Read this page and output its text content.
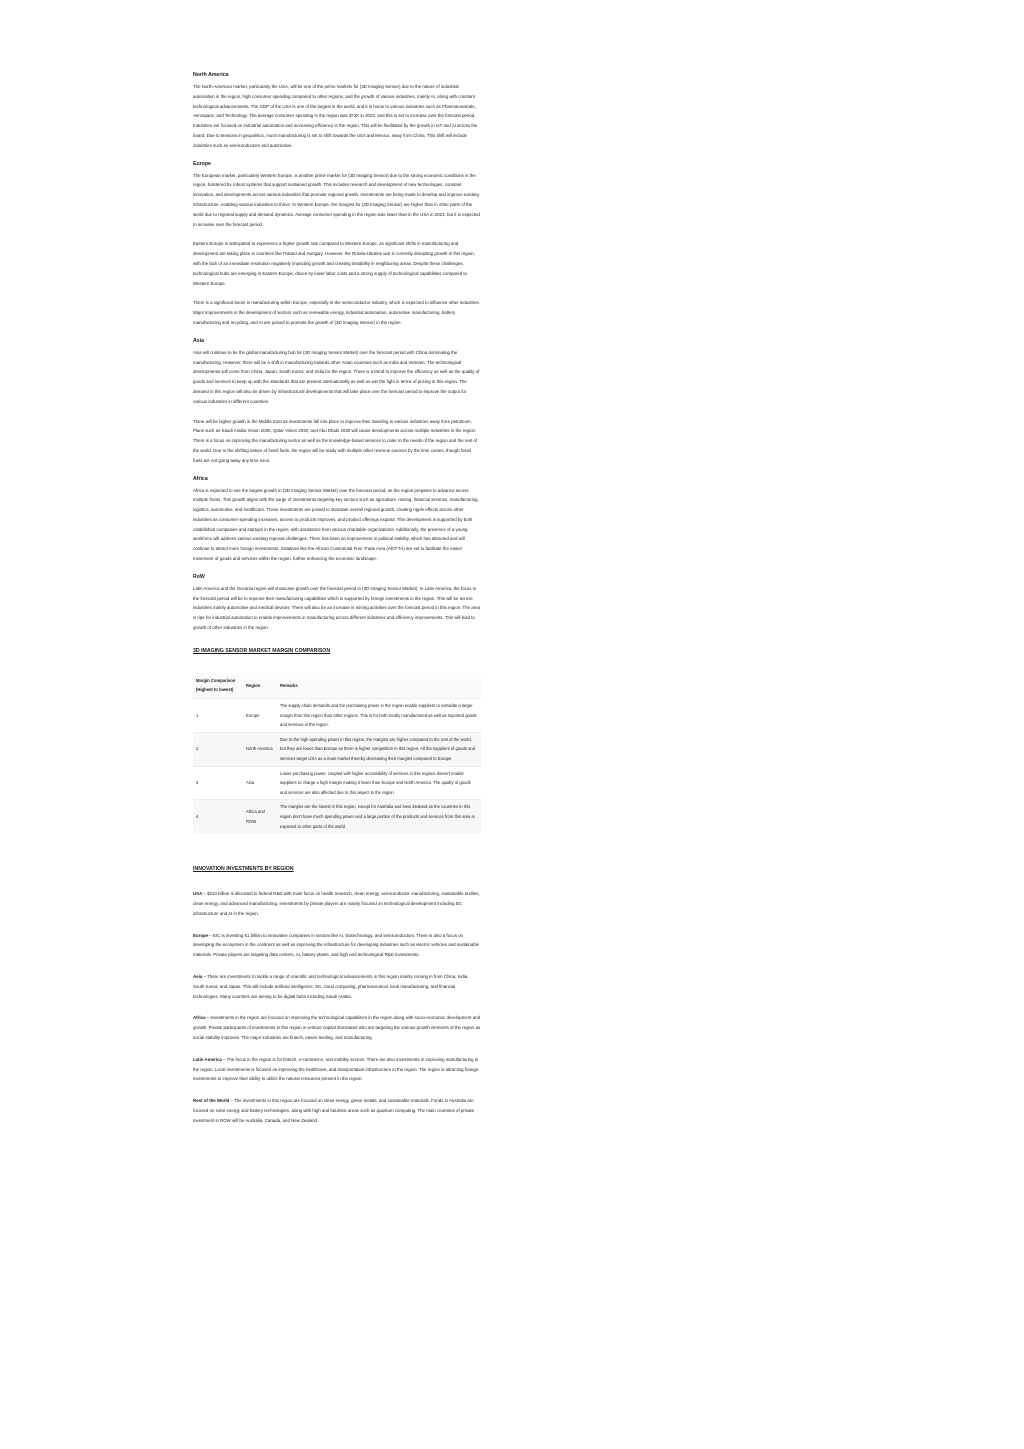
North America

The North American market, particularly the USA, will be one of the prime markets for (3D Imaging Sensor) due to the nature of industrial automation in the region, high consumer spending compared to other regions, and the growth of various industries, mainly AI, along with constant technological advancements. The GDP of the USA is one of the largest in the world, and it is home to various industries such as Pharmaceuticals, Aerospace, and Technology. The average consumer spending in the region was $72K in 2023, and this is set to increase over the forecast period. Industries are focused on industrial automation and increasing efficiency in the region. This will be facilitated by the growth in IoT and AI across the board. Due to tensions in geopolitics, much manufacturing is set to shift towards the USA and Mexico, away from China. This shift will include industries such as semiconductors and automotive.

Europe

The European market, particularly Western Europe, is another prime market for (3D Imaging Sensor) due to the strong economic conditions in the region, bolstered by robust systems that support sustained growth. This includes research and development of new technologies, constant innovation, and developments across various industries that promote regional growth. Investments are being made to develop and improve existing infrastructure, enabling various industries to thrive. In Western Europe, the margins for (3D Imaging Sensor) are higher than in other parts of the world due to regional supply and demand dynamics. Average consumer spending in the region was lower than in the USA in 2023, but it is expected to increase over the forecast period.

Eastern Europe is anticipated to experience a higher growth rate compared to Western Europe, as significant shifts in manufacturing and development are taking place in countries like Poland and Hungary. However, the Russia-Ukraine war is currently disrupting growth in this region, with the lack of an immediate resolution negatively impacting growth and creating instability in neighboring areas. Despite these challenges, technological hubs are emerging in Eastern Europe, driven by lower labor costs and a strong supply of technological capabilities compared to Western Europe.

There is a significant boom in manufacturing within Europe, especially in the semiconductor industry, which is expected to influence other industries. Major improvements in the development of sectors such as renewable energy, industrial automation, automotive manufacturing, battery manufacturing and recycling, and AI are poised to promote the growth of (3D Imaging Sensor) in the region.

Asia

Asia will continue to be the global manufacturing hub for (3D Imaging Sensor Market) over the forecast period with China dominating the manufacturing. However, there will be a shift in manufacturing towards other Asian countries such as India and Vietnam. The technological developments will come from China, Japan, South Korea, and India for the region. There is a trend to improve the efficiency as well as the quality of goods and services to keep up with the standards that are present internationally as well as win the fight in terms of pricing in this region. The demand in this region will also be driven by infrastructural developments that will take place over the forecast period to improve the output for various industries in different countries.

There will be higher growth in the Middle East as investments fall into place to improve their standing in various industries away from petroleum. Plans such as Saudi Arabia Vision 2030, Qatar Vision 2030, and Abu Dhabi 2030 will cause developments across multiple industries in the region. There is a focus on improving the manufacturing sector as well as the knowledge-based services to cater to the needs of the region and the rest of the world. Due to the shifting nature of fossil fuels, the region will be ready with multiple other revenue sources by the time comes, though fossil fuels are not going away any time soon.

Africa

Africa is expected to see the largest growth in (3D Imaging Sensor Market) over the forecast period, as the region prepares to advance across multiple fronts. This growth aligns with the surge of investments targeting key sectors such as agriculture, mining, financial services, manufacturing, logistics, automotive, and healthcare. These investments are poised to stimulate overall regional growth, creating ripple effects across other industries as consumer spending increases, access to products improves, and product offerings expand. This development is supported by both established companies and startups in the region, with assistance from various charitable organizations. Additionally, the presence of a young workforce will address various existing regional challenges. There has been an improvement in political stability, which has attracted and will continue to attract more foreign investments. Initiatives like the African Continental Free Trade Area (AfCFTA) are set to facilitate the easier movement of goods and services within the region, further enhancing the economic landscape.

RoW

Latin America and the Oceania region will showcase growth over the forecast period in (3D Imaging Sensor Market). In Latin America, the focus in the forecast period will be to improve their manufacturing capabilities which is supported by foreign investments in the region. This will be across industries mainly automotive and medical devices. There will also be an increase in mining activities over the forecast period in this region. The area is ripe for industrial automation to enable improvements in manufacturing across different industries and efficiency improvements. This will lead to growth of other industries in the region.

3D IMAGING SENSOR MARKET MARGIN COMPARISON
Margin Comparison (Highest to lowest)	Region	Remarks
1	Europe	The supply chain demands and the purchasing power in the region enable suppliers to extradite a larger margin from this region than other regions. This is for both locally manufactured as well as imported goods and services in the region.
2	North America	Due to the high spending power in this region, the margins are higher compared to the rest of the world, but they are lower than Europe as there is higher competition in this region. All the suppliers of goods and services target USA as a main market thereby decreasing their margins compared to Europe
3	Asia	Lower purchasing power, coupled with higher accessibility of services in this regions doesn't enable suppliers to charge a high margin making it lower than Europe and North America. The quality of goods and services are also affected due to this aspect in the region
4	Africa and ROW	The margins are the lowest in this region, except for Australia and New Zealand as the countries in this region don't have much spending power and a large portion of the products and services from this area is exported to other parts of the world
INNOVATION INVESTMENTS BY REGION

USA – $210 billion is allocated to federal R&D with main focus on health research, clean energy, semiconductor manufacturing, sustainable textiles, clean energy, and advanced manufacturing. Investments by private players are mainly focused on technological development including 5G infrastructure and AI in the region.

Europe – EIC is investing €1 billion to innovative companies in sectors like AI, biotechnology, and semiconductors. There is also a focus on developing the ecosystem in the continent as well as improving the infrastructure for developing industries such as electric vehicles and sustainable materials. Private players are targeting data centers, AI, battery plants, and high end technological R&D investments.

Asia – There are investments to tackle a range of scientific and technological advancements in this region mainly coming in from China, India, South Korea, and Japan. This will include artificial intelligence, 5G, cloud computing, pharmaceutical, local manufacturing, and financial technologies. Many countries are aiming to be digital hubs including Saudi Arabia.

Africa – Investments in the region are focused on improving the technological capabilities in the region along with socio-economic development and growth. Private participants of investments in this region is venture capital dominated who are targeting the various growth elements of the region as social stability improves. The major industries are fintech, easier lending, and manufacturing.

Latin America – The focus in the region is for fintech, e-commerce, and mobility sectors. There are also investments in improving manufacturing in the region. Local investments is focused on improving the healthcare, and transportation infrastructure in the region. The region is attracting foreign investments to improve their ability to utilize the natural resources present in the region.

Rest of the World – The investments in this region are focused on clean energy, green metals, and sustainable materials. Funds in Australia are focused on solar energy and battery technologies, along with high and futuristic areas such as quantum computing. The main countries of private investment in ROW will be Australia, Canada, and New Zealand.
